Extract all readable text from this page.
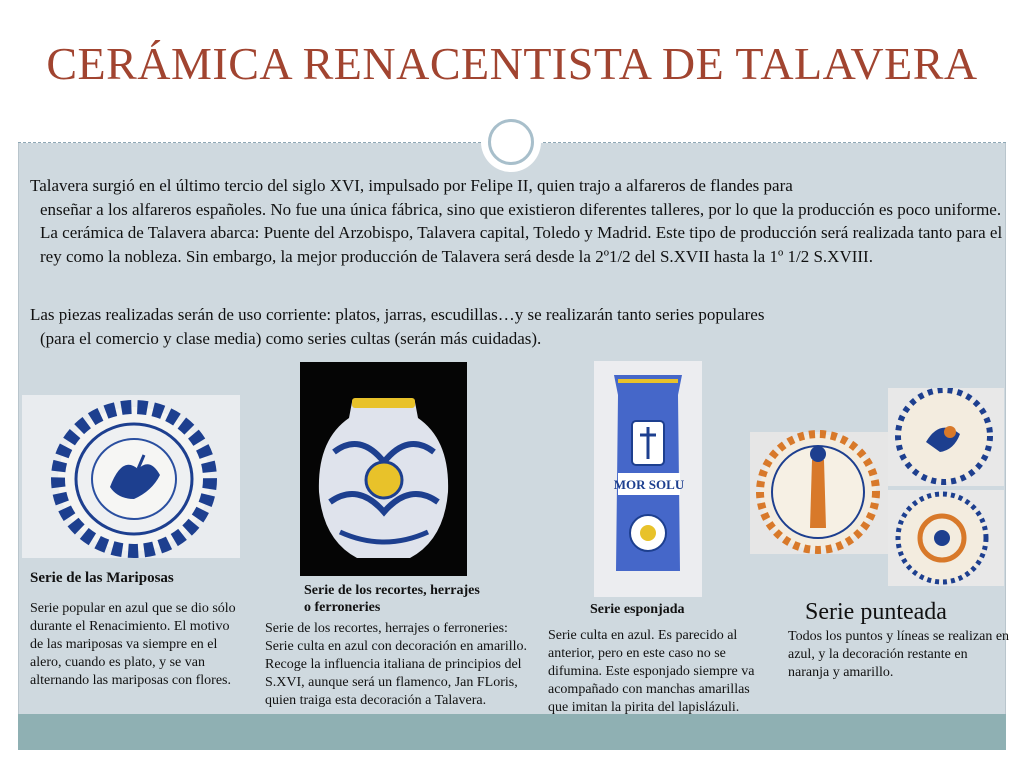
CERÁMICA RENACENTISTA DE TALAVERA

Talavera surgió en el último tercio del siglo XVI, impulsado por Felipe II, quien trajo a alfareros de flandes para
enseñar a los alfareros españoles. No fue una única fábrica, sino que existieron diferentes talleres, por lo que la producción es poco uniforme. La cerámica de Talavera abarca: Puente del Arzobispo, Talavera capital, Toledo y Madrid. Este tipo de producción será realizada tanto para el rey como la nobleza. Sin embargo, la mejor producción de Talavera será desde la 2º1/2 del S.XVII hasta la 1º 1/2 S.XVIII.

Las piezas realizadas serán de uso corriente: platos, jarras, escudillas…y se realizarán tanto series populares
(para el comercio y clase media) como series cultas (serán más cuidadas).

MOR SOLU
Serie de las Mariposas

Serie popular en azul que se dio sólo durante el Renacimiento. El motivo de las mariposas va siempre en el alero, cuando es plato, y se van alternando las mariposas con flores.

Serie de los recortes, herrajes o ferroneries

Serie de los recortes, herrajes o ferroneries: Serie culta en azul con decoración en amarillo. Recoge la influencia italiana de principios del S.XVI, aunque será un flamenco, Jan FLoris, quien traiga esta decoración a Talavera.

Serie esponjada

Serie culta en azul. Es parecido al anterior, pero en este caso no se difumina. Este esponjado siempre va acompañado con manchas amarillas que imitan la pirita del lapislázuli.

Serie punteada

Todos los puntos y líneas se realizan en azul, y la decoración restante en naranja y amarillo.
